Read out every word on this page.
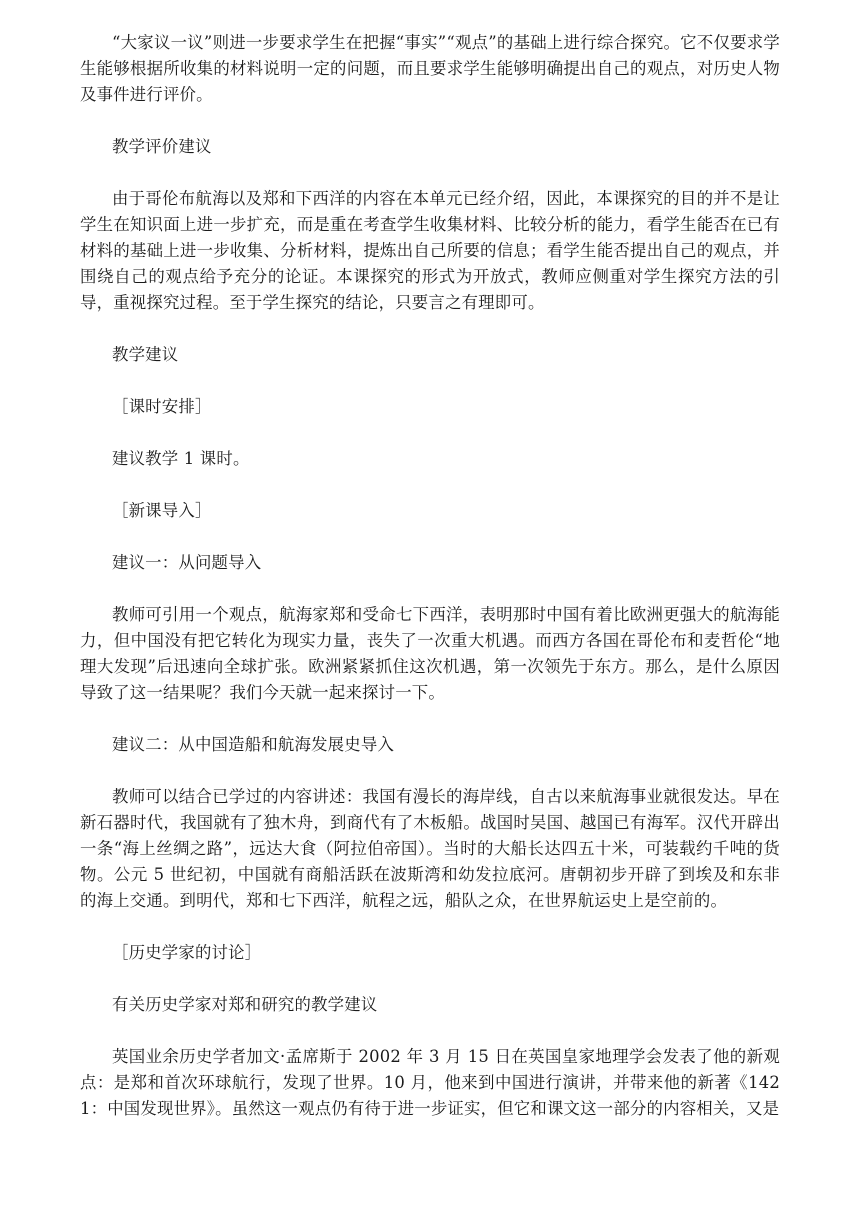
“大家议一议”则进一步要求学生在把握“事实”“观点”的基础上进行综合探究。它不仅要求学生能够根据所收集的材料说明一定的问题，而且要求学生能够明确提出自己的观点，对历史人物及事件进行评价。

教学评价建议

由于哥伦布航海以及郑和下西洋的内容在本单元已经介绍，因此，本课探究的目的并不是让学生在知识面上进一步扩充，而是重在考查学生收集材料、比较分析的能力，看学生能否在已有材料的基础上进一步收集、分析材料，提炼出自己所要的信息；看学生能否提出自己的观点，并围绕自己的观点给予充分的论证。本课探究的形式为开放式，教师应侧重对学生探究方法的引导，重视探究过程。至于学生探究的结论，只要言之有理即可。

教学建议

［课时安排］

建议教学 1 课时。

［新课导入］

建议一：从问题导入

教师可引用一个观点，航海家郑和受命七下西洋，表明那时中国有着比欧洲更强大的航海能力，但中国没有把它转化为现实力量，丧失了一次重大机遇。而西方各国在哥伦布和麦哲伦“地理大发现”后迅速向全球扩张。欧洲紧紧抓住这次机遇，第一次领先于东方。那么，是什么原因导致了这一结果呢？我们今天就一起来探讨一下。

建议二：从中国造船和航海发展史导入

教师可以结合已学过的内容讲述：我国有漫长的海岸线，自古以来航海事业就很发达。早在新石器时代，我国就有了独木舟，到商代有了木板船。战国时吴国、越国已有海军。汉代开辟出一条“海上丝绸之路”，远达大食（阿拉伯帝国）。当时的大船长达四五十米，可装载约千吨的货物。公元 5 世纪初，中国就有商船活跃在波斯湾和幼发拉底河。唐朝初步开辟了到埃及和东非的海上交通。到明代，郑和七下西洋，航程之远，船队之众，在世界航运史上是空前的。

［历史学家的讨论］

有关历史学家对郑和研究的教学建议

英国业余历史学者加文·孟席斯于 2002 年 3 月 15 日在英国皇家地理学会发表了他的新观点：是郑和首次环球航行，发现了世界。10 月，他来到中国进行演讲，并带来他的新著《1421：中国发现世界》。虽然这一观点仍有待于进一步证实，但它和课文这一部分的内容相关，又是
